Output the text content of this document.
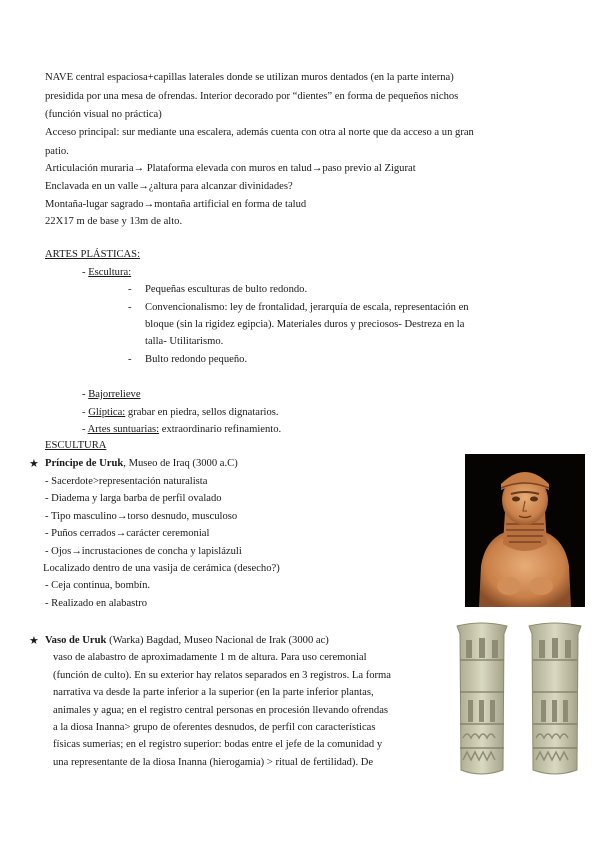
NAVE central espaciosa+capillas laterales donde se utilizan muros dentados (en la parte interna)
presidida por una mesa de ofrendas. Interior decorado por “dientes” en forma de pequeños nichos
(función visual no práctica)
Acceso principal: sur mediante una escalera, además cuenta con otra al norte que da acceso a un gran
patio.
Articulación muraria→ Plataforma elevada con muros en talud→paso previo al Zigurat
Enclavada en un valle→¿altura para alcanzar divinidades?
Montaña-lugar sagrado→montaña artificial en forma de talud
22X17 m de base y 13m de alto.
ARTES PLÁSTICAS:
- Escultura:
- Pequeñas esculturas de bulto redondo.
- Convencionalismo: ley de frontalidad, jerarquía de escala, representación en
bloque (sin la rigidez egipcia). Materiales duros y preciosos- Destreza en la
talla- Utilitarismo.
- Bulto redondo pequeño.
- Bajorrelieve
- Glíptica: grabar en piedra, sellos dignatarios.
- Artes suntuarias: extraordinario refinamiento.
ESCULTURA
★ Príncipe de Uruk, Museo de Iraq (3000 a.C)
- Sacerdote>representación naturalista
- Diadema y larga barba de perfil ovalado
- Tipo masculino→torso desnudo, musculoso
- Puños cerrados→carácter ceremonial
- Ojos→incrustaciones de concha y lapislázuli
Localizado dentro de una vasija de cerámica (desecho?)
- Ceja continua, bombín.
- Realizado en alabastro
★ Vaso de Uruk (Warka) Bagdad, Museo Nacional de Irak (3000 ac)
vaso de alabastro de aproximadamente 1 m de altura. Para uso ceremonial
(función de culto). En su exterior hay relatos separados en 3 registros. La forma
narrativa va desde la parte inferior a la superior (en la parte inferior plantas,
animales y agua; en el registro central personas en procesión llevando ofrendas
a la diosa Inanna> grupo de oferentes desnudos, de perfil con características
físicas sumerias; en el registro superior: bodas entre el jefe de la comunidad y
una representante de la diosa Inanna (hierogamia) > ritual de fertilidad). De
